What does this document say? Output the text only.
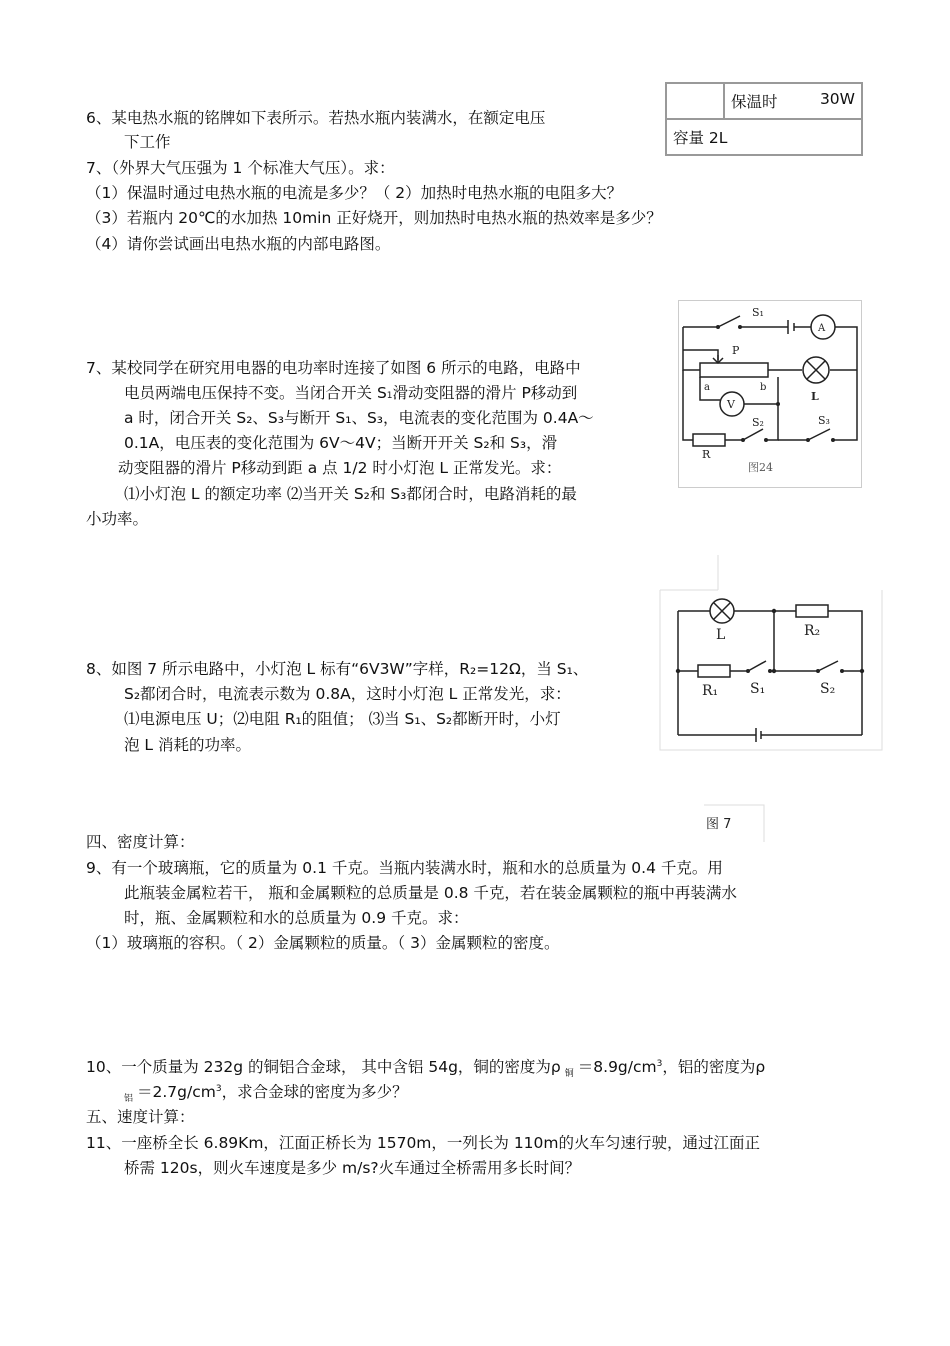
	保温时	30W

容量 2L
6、某电热水瓶的铭牌如下表所示。若热水瓶内装满水，在额定电压
下工作
7、（外界大气压强为 1 个标准大气压）。求：
（1）保温时通过电热水瓶的电流是多少？（ 2）加热时电热水瓶的电阻多大？
（3）若瓶内 20℃的水加热 10min 正好烧开，则加热时电热水瓶的热效率是多少？
（4）请你尝试画出电热水瓶的内部电路图。
S₁
A
P
a	b
V
L
S₂	S₃
R
图24
7、某校同学在研究用电器的电功率时连接了如图 6 所示的电路，电路中
电员两端电压保持不变。当闭合开关 S1滑动变阻器的滑片 P移动到
a 时，闭合开关 S₂、S₃与断开 S₁、S₃，电流表的变化范围为 0.4A～
0.1A，电压表的变化范围为 6V～4V；当断开开关 S₂和 S₃，滑
动变阻器的滑片 P移动到距 a 点 1/2 时小灯泡 L 正常发光。求：
⑴小灯泡 L 的额定功率 ⑵当开关 S₂和 S₃都闭合时，电路消耗的最
小功率。
L	R₂
R₁ S₁	S₂
图 7
8、如图 7 所示电路中，小灯泡 L 标有“6V3W”字样，R₂=12Ω，当 S₁、
S₂都闭合时，电流表示数为 0.8A，这时小灯泡 L 正常发光，求：
⑴电源电压 U；⑵电阻 R₁的阻值； ⑶当 S₁、S₂都断开时，小灯
泡 L 消耗的功率。
四、密度计算：
9、有一个玻璃瓶，它的质量为 0.1 千克。当瓶内装满水时，瓶和水的总质量为 0.4 千克。用
此瓶装金属粒若干， 瓶和金属颗粒的总质量是 0.8 千克，若在装金属颗粒的瓶中再装满水
时，瓶、金属颗粒和水的总质量为 0.9 千克。求：
（1）玻璃瓶的容积。（ 2）金属颗粒的质量。（ 3）金属颗粒的密度。
10、一个质量为 232g 的铜铝合金球， 其中含铝 54g，铜的密度为ρ $_铜 =8.9g/cm^3$，铝的密度为ρ
$_铝 =2.7g/cm^3$，求合金球的密度为多少？
五、速度计算：
11、一座桥全长 6.89Km，江面正桥长为 1570m，一列长为 110m的火车匀速行驶，通过江面正
桥需 120s，则火车速度是多少 m/s?火车通过全桥需用多长时间？
